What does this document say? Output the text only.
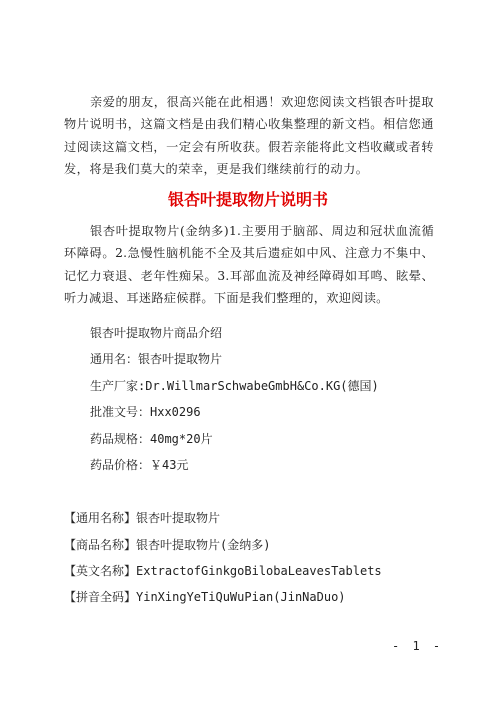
亲爱的朋友，很高兴能在此相遇！欢迎您阅读文档银杏叶提取物片说明书，这篇文档是由我们精心收集整理的新文档。相信您通过阅读这篇文档，一定会有所收获。假若亲能将此文档收藏或者转发，将是我们莫大的荣幸，更是我们继续前行的动力。

银杏叶提取物片说明书

银杏叶提取物片(金纳多)1.主要用于脑部、周边和冠状血流循环障碍。2.急慢性脑机能不全及其后遗症如中风、注意力不集中、记忆力衰退、老年性痴呆。3.耳部血流及神经障碍如耳鸣、眩晕、听力减退、耳迷路症候群。下面是我们整理的，欢迎阅读。

银杏叶提取物片商品介绍

通用名：银杏叶提取物片

生产厂家:Dr.WillmarSchwabeGmbH&Co.KG(德国)

批准文号：Hxx0296

药品规格：40mg*20片

药品价格：￥43元

【通用名称】银杏叶提取物片

【商品名称】银杏叶提取物片(金纳多)

【英文名称】ExtractofGinkgoBilobaLeavesTablets

【拼音全码】YinXingYeTiQuWuPian(JinNaDuo)

- 1 -
